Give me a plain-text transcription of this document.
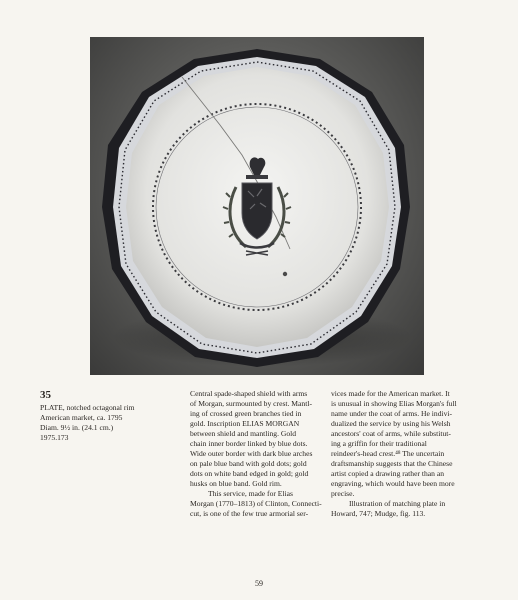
35
PLATE, notched octagonal rim
American market, ca. 1795
Diam. 9½ in. (24.1 cm.)
1975.173
Central spade-shaped shield with arms
of Morgan, surmounted by crest. Mantl-
ing of crossed green branches tied in
gold. Inscription ELIAS MORGAN
between shield and mantling. Gold
chain inner border linked by blue dots.
Wide outer border with dark blue arches
on pale blue band with gold dots; gold
dots on white band edged in gold; gold
husks on blue band. Gold rim.
This service, made for Elias
Morgan (1770–1813) of Clinton, Connecti-
cut, is one of the few true armorial ser-
vices made for the American market. It
is unusual in showing Elias Morgan's full
name under the coat of arms. He indivi-
dualized the service by using his Welsh
ancestors' coat of arms, while substitut-
ing a griffin for their traditional
reindeer's-head crest.⁴⁸ The uncertain
draftsmanship suggests that the Chinese
artist copied a drawing rather than an
engraving, which would have been more
precise.
Illustration of matching plate in
Howard, 747; Mudge, fig. 113.
59
